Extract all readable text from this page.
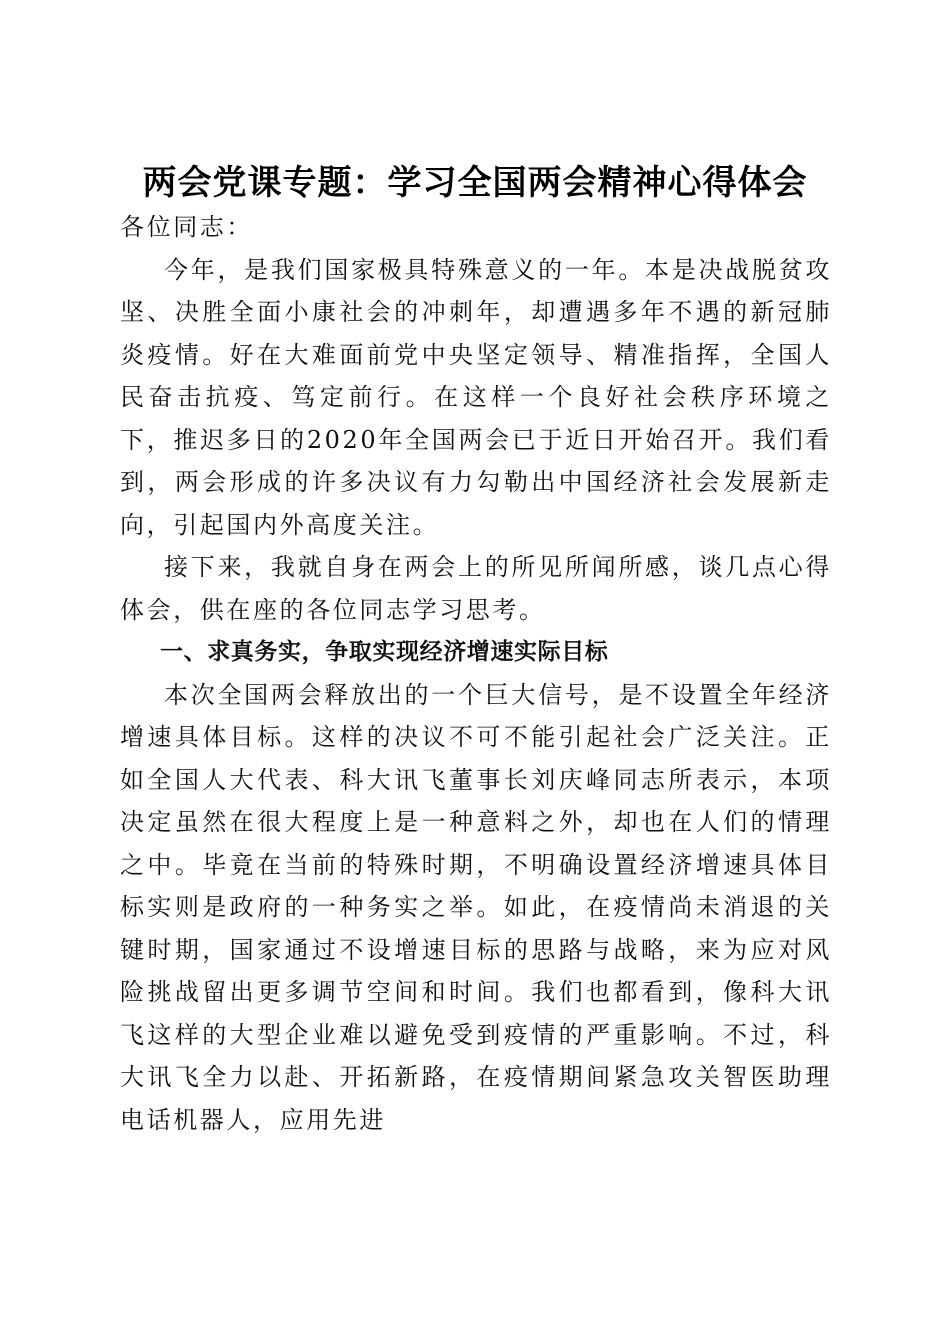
两会党课专题：学习全国两会精神心得体会

各位同志：

今年，是我们国家极具特殊意义的一年。本是决战脱贫攻坚、决胜全面小康社会的冲刺年，却遭遇多年不遇的新冠肺炎疫情。好在大难面前党中央坚定领导、精准指挥，全国人民奋击抗疫、笃定前行。在这样一个良好社会秩序环境之下，推迟多日的2020年全国两会已于近日开始召开。我们看到，两会形成的许多决议有力勾勒出中国经济社会发展新走向，引起国内外高度关注。

接下来，我就自身在两会上的所见所闻所感，谈几点心得体会，供在座的各位同志学习思考。

一、求真务实，争取实现经济增速实际目标

本次全国两会释放出的一个巨大信号，是不设置全年经济增速具体目标。这样的决议不可不能引起社会广泛关注。正如全国人大代表、科大讯飞董事长刘庆峰同志所表示，本项决定虽然在很大程度上是一种意料之外，却也在人们的情理之中。毕竟在当前的特殊时期，不明确设置经济增速具体目标实则是政府的一种务实之举。如此，在疫情尚未消退的关键时期，国家通过不设增速目标的思路与战略，来为应对风险挑战留出更多调节空间和时间。我们也都看到，像科大讯飞这样的大型企业难以避免受到疫情的严重影响。不过，科大讯飞全力以赴、开拓新路，在疫情期间紧急攻关智医助理电话机器人，应用先进
